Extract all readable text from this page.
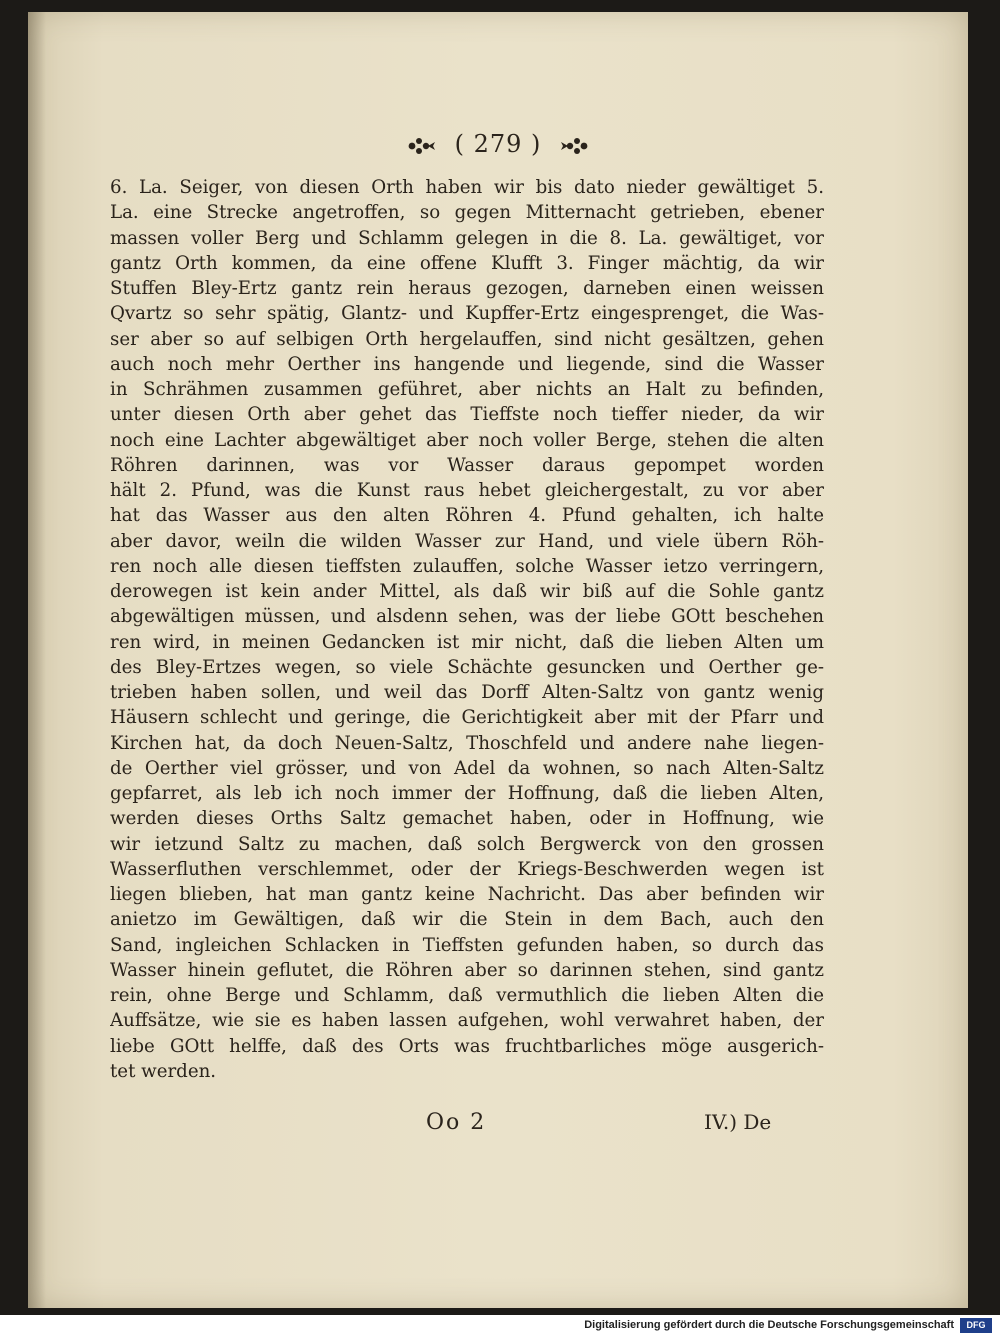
( 279 )
6. La. Seiger, von diesen Orth haben wir bis dato nieder gewältiget 5.
La. eine Strecke angetroffen, so gegen Mitternacht getrieben, ebener
massen voller Berg und Schlamm gelegen in die 8. La. gewältiget, vor
gantz Orth kommen, da eine offene Klufft 3. Finger mächtig, da wir
Stuffen Bley-Ertz gantz rein heraus gezogen, darneben einen weissen
Qvartz so sehr spätig, Glantz- und Kupffer-Ertz eingesprenget, die Was-
ser aber so auf selbigen Orth hergelauffen, sind nicht gesältzen, gehen
auch noch mehr Oerther ins hangende und liegende, sind die Wasser
in Schrähmen zusammen geführet, aber nichts an Halt zu befinden,
unter diesen Orth aber gehet das Tieffste noch tieffer nieder, da wir
noch eine Lachter abgewältiget aber noch voller Berge, stehen die alten
Röhren darinnen, was vor Wasser daraus gepompet worden
hält 2. Pfund, was die Kunst raus hebet gleichergestalt, zu vor aber
hat das Wasser aus den alten Röhren 4. Pfund gehalten, ich halte
aber davor, weiln die wilden Wasser zur Hand, und viele übern Röh-
ren noch alle diesen tieffsten zulauffen, solche Wasser ietzo verringern,
derowegen ist kein ander Mittel, als daß wir biß auf die Sohle gantz
abgewältigen müssen, und alsdenn sehen, was der liebe GOtt beschehen
ren wird, in meinen Gedancken ist mir nicht, daß die lieben Alten um
des Bley-Ertzes wegen, so viele Schächte gesuncken und Oerther ge-
trieben haben sollen, und weil das Dorff Alten-Saltz von gantz wenig
Häusern schlecht und geringe, die Gerichtigkeit aber mit der Pfarr und
Kirchen hat, da doch Neuen-Saltz, Thoschfeld und andere nahe liegen-
de Oerther viel grösser, und von Adel da wohnen, so nach Alten-Saltz
gepfarret, als leb ich noch immer der Hoffnung, daß die lieben Alten,
werden dieses Orths Saltz gemachet haben, oder in Hoffnung, wie
wir ietzund Saltz zu machen, daß solch Bergwerck von den grossen
Wasserfluthen verschlemmet, oder der Kriegs-Beschwerden wegen ist
liegen blieben, hat man gantz keine Nachricht. Das aber befinden wir
anietzo im Gewältigen, daß wir die Stein in dem Bach, auch den
Sand, ingleichen Schlacken in Tieffsten gefunden haben, so durch das
Wasser hinein geflutet, die Röhren aber so darinnen stehen, sind gantz
rein, ohne Berge und Schlamm, daß vermuthlich die lieben Alten die
Auffsätze, wie sie es haben lassen aufgehen, wohl verwahret haben, der
liebe GOtt helffe, daß des Orts was fruchtbarliches möge ausgerich-
tet werden.
Oo 2	IV.) De
Digitalisierung gefördert durch die Deutsche Forschungsgemeinschaft	DFG
